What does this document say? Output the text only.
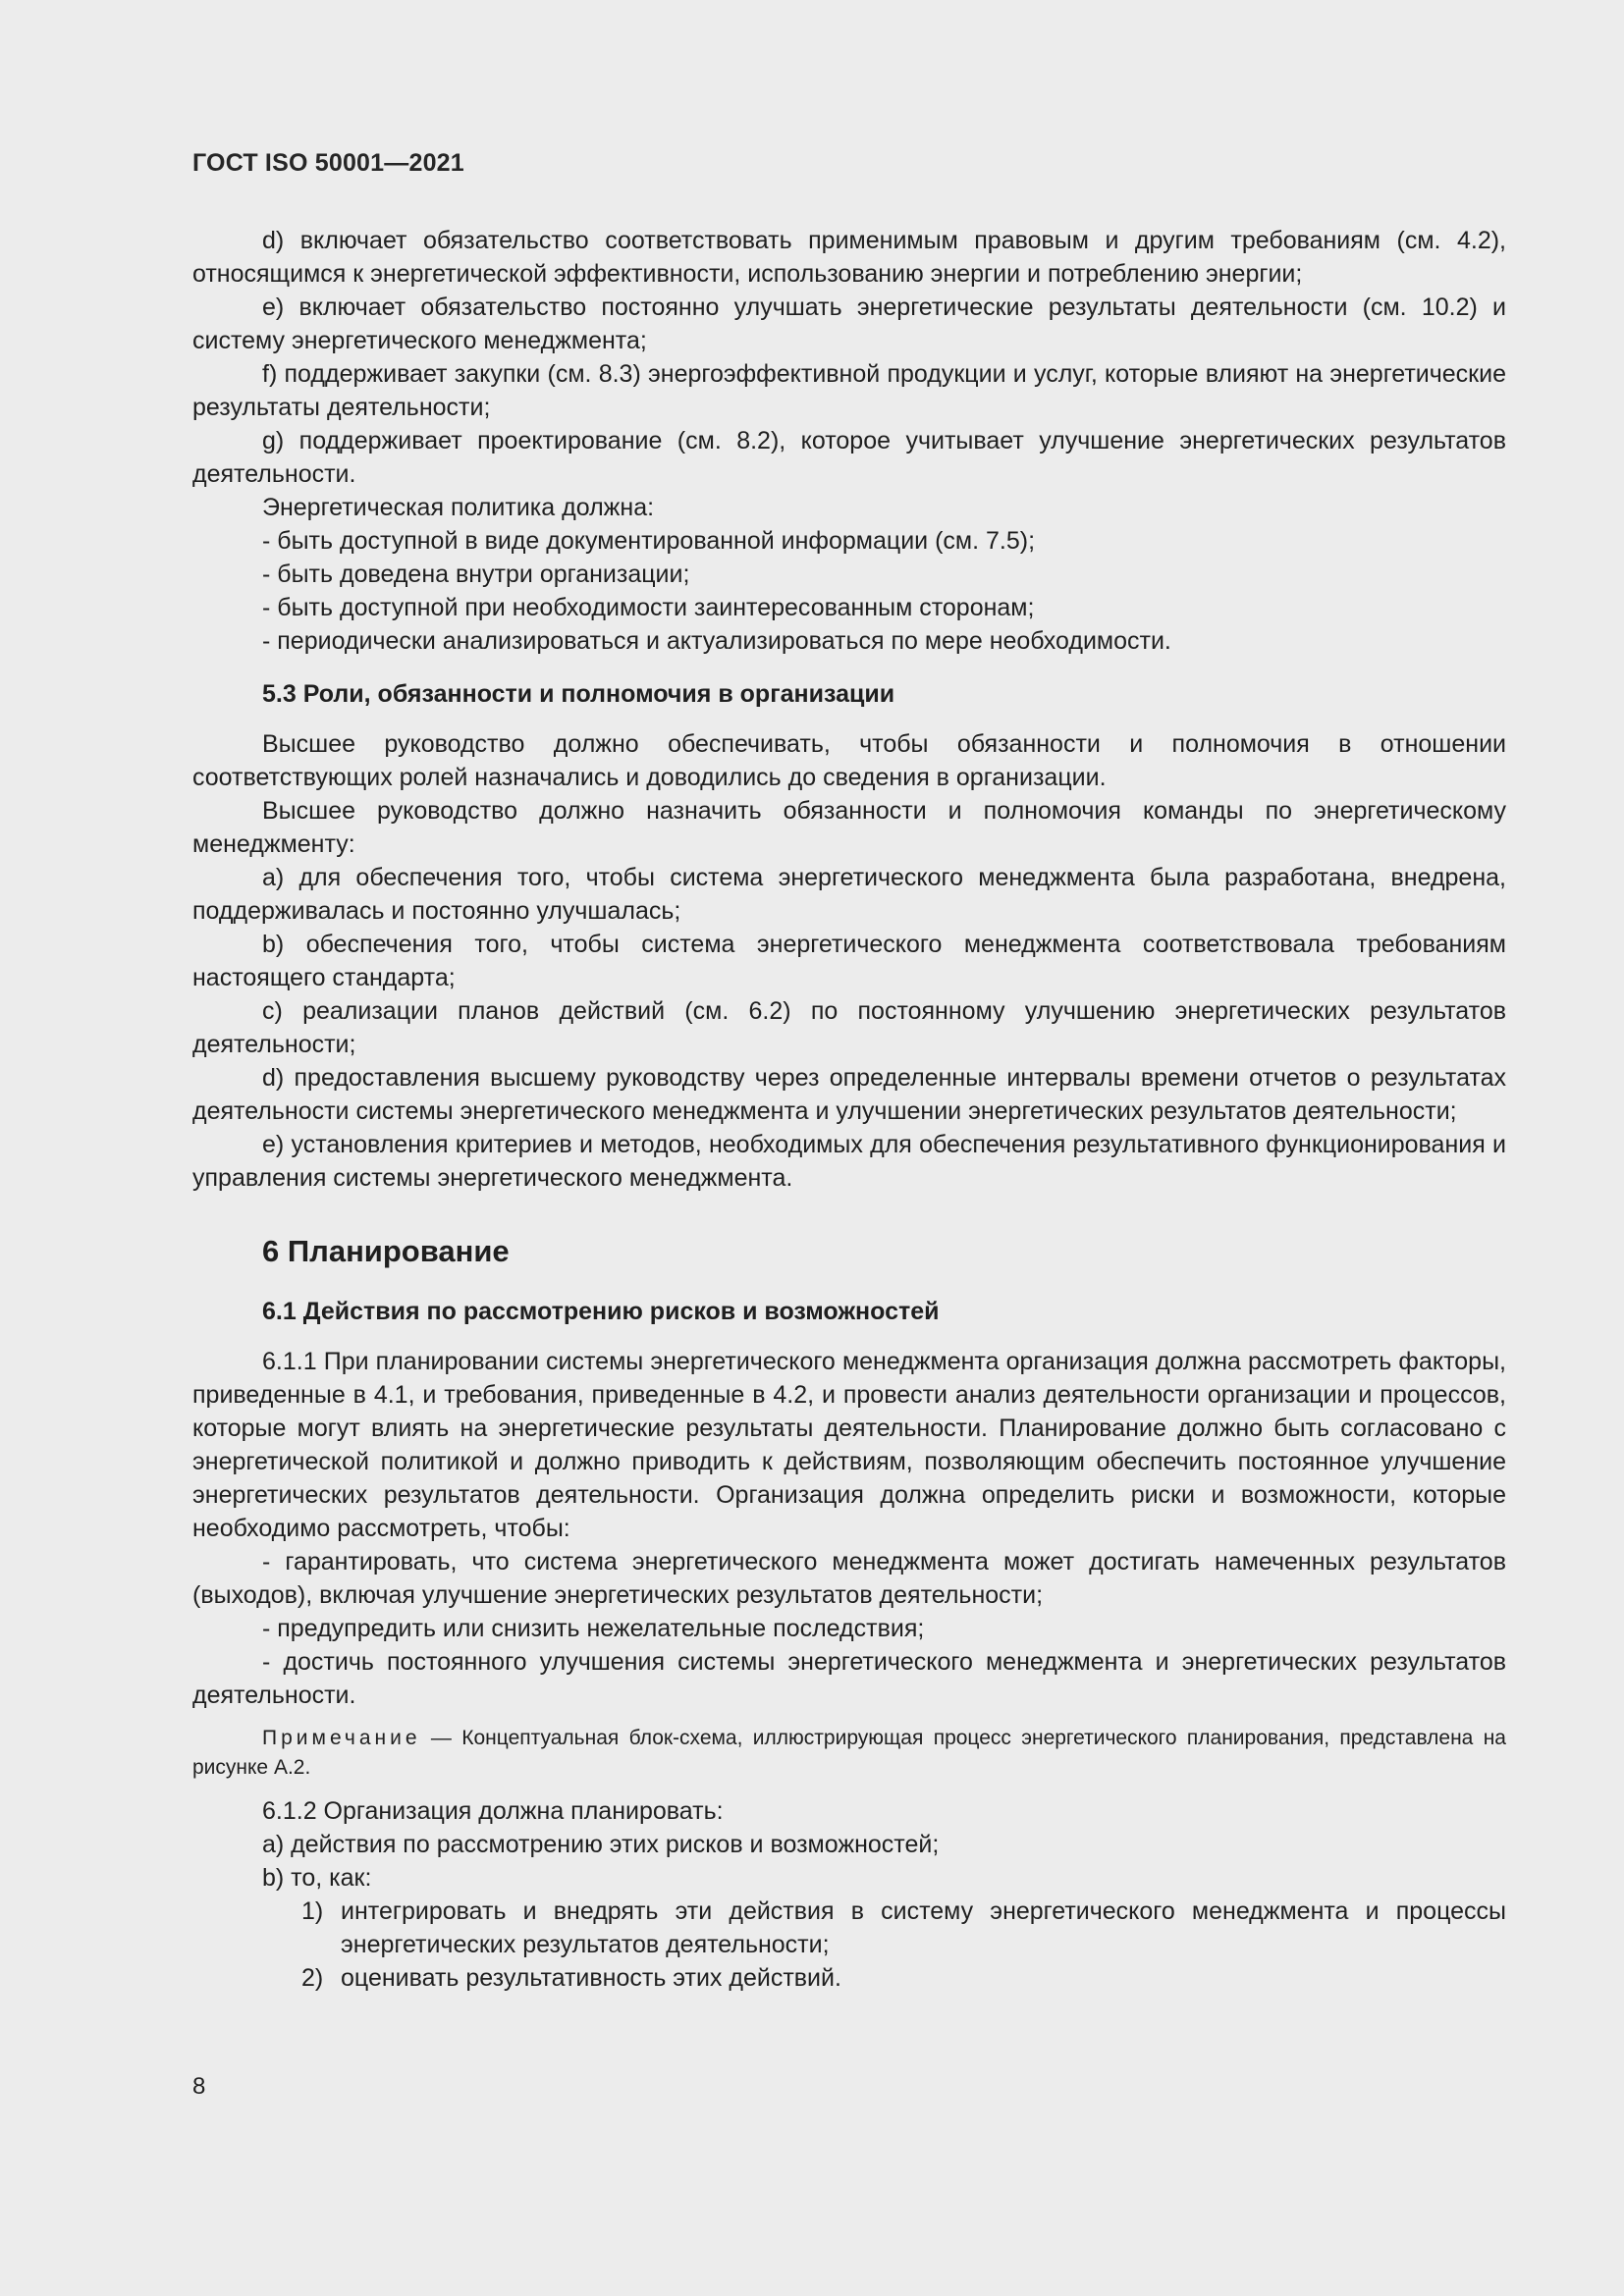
ГОСТ ISO 50001—2021

d) включает обязательство соответствовать применимым правовым и другим требованиям (см. 4.2), относящимся к энергетической эффективности, использованию энергии и потреблению энергии;

e) включает обязательство постоянно улучшать энергетические результаты деятельности (см. 10.2) и систему энергетического менеджмента;

f) поддерживает закупки (см. 8.3) энергоэффективной продукции и услуг, которые влияют на энергетические результаты деятельности;

g) поддерживает проектирование (см. 8.2), которое учитывает улучшение энергетических результатов деятельности.

Энергетическая политика должна:

- быть доступной в виде документированной информации (см. 7.5);

- быть доведена внутри организации;

- быть доступной при необходимости заинтересованным сторонам;

- периодически анализироваться и актуализироваться по мере необходимости.

5.3 Роли, обязанности и полномочия в организации

Высшее руководство должно обеспечивать, чтобы обязанности и полномочия в отношении соответствующих ролей назначались и доводились до сведения в организации.

Высшее руководство должно назначить обязанности и полномочия команды по энергетическому менеджменту:

a) для обеспечения того, чтобы система энергетического менеджмента была разработана, внедрена, поддерживалась и постоянно улучшалась;

b) обеспечения того, чтобы система энергетического менеджмента соответствовала требованиям настоящего стандарта;

c) реализации планов действий (см. 6.2) по постоянному улучшению энергетических результатов деятельности;

d) предоставления высшему руководству через определенные интервалы времени отчетов о результатах деятельности системы энергетического менеджмента и улучшении энергетических результатов деятельности;

e) установления критериев и методов, необходимых для обеспечения результативного функционирования и управления системы энергетического менеджмента.

6 Планирование

6.1 Действия по рассмотрению рисков и возможностей

6.1.1 При планировании системы энергетического менеджмента организация должна рассмотреть факторы, приведенные в 4.1, и требования, приведенные в 4.2, и провести анализ деятельности организации и процессов, которые могут влиять на энергетические результаты деятельности. Планирование должно быть согласовано с энергетической политикой и должно приводить к действиям, позволяющим обеспечить постоянное улучшение энергетических результатов деятельности. Организация должна определить риски и возможности, которые необходимо рассмотреть, чтобы:

- гарантировать, что система энергетического менеджмента может достигать намеченных результатов (выходов), включая улучшение энергетических результатов деятельности;

- предупредить или снизить нежелательные последствия;

- достичь постоянного улучшения системы энергетического менеджмента и энергетических результатов деятельности.

Примечание — Концептуальная блок-схема, иллюстрирующая процесс энергетического планирования, представлена на рисунке А.2.

6.1.2 Организация должна планировать:

a) действия по рассмотрению этих рисков и возможностей;

b) то, как:

1) интегрировать и внедрять эти действия в систему энергетического менеджмента и процессы энергетических результатов деятельности;
2) оценивать результативность этих действий.
8
